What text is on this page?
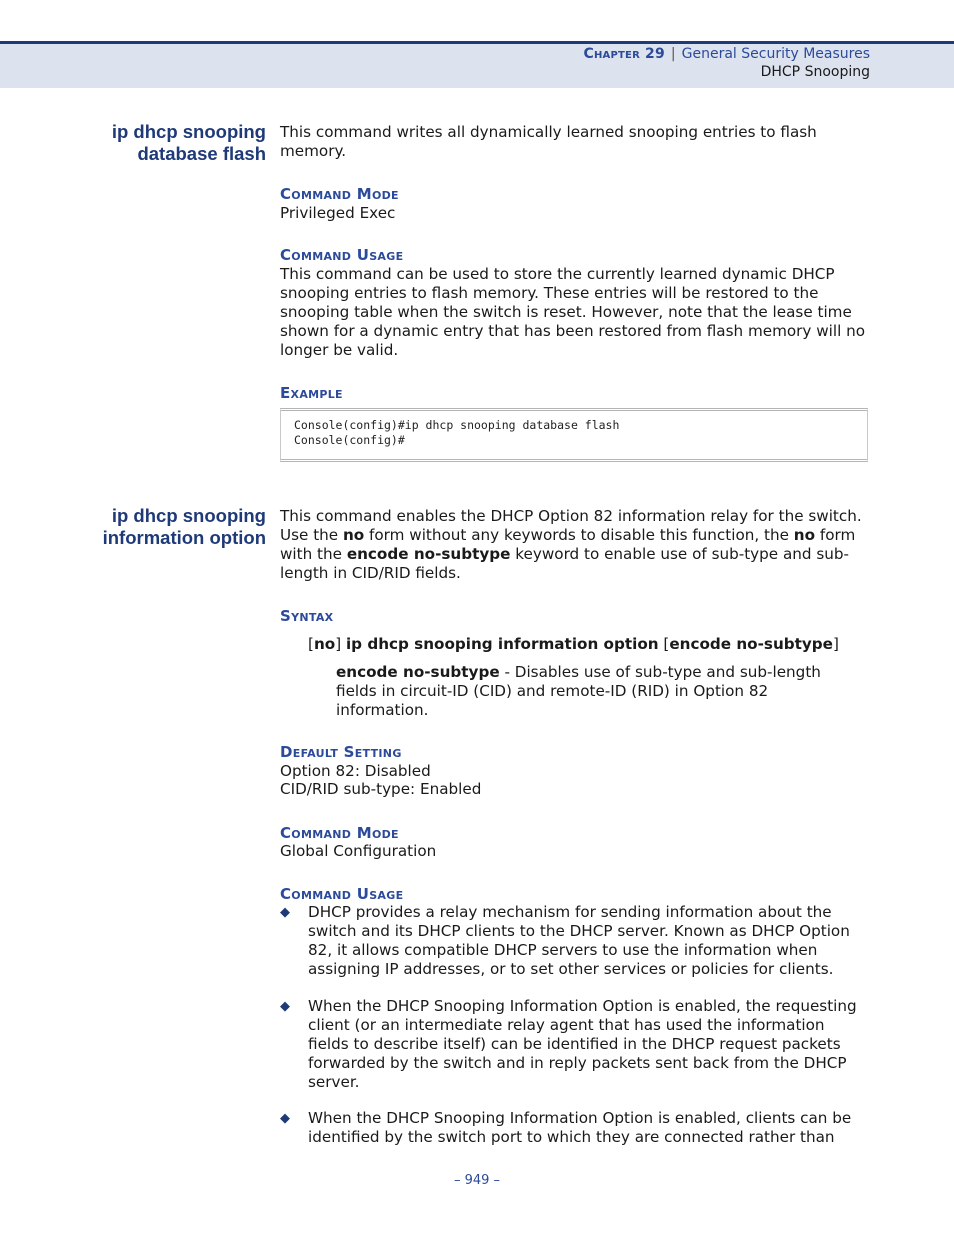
Chapter 29 | General Security Measures
DHCP Snooping
ip dhcp snooping
database flash
This command writes all dynamically learned snooping entries to flash memory.
Command Mode
Privileged Exec
Command Usage
This command can be used to store the currently learned dynamic DHCP snooping entries to flash memory. These entries will be restored to the snooping table when the switch is reset. However, note that the lease time shown for a dynamic entry that has been restored from flash memory will no longer be valid.
Example
Console(config)#ip dhcp snooping database flash
Console(config)#
ip dhcp snooping
information option
This command enables the DHCP Option 82 information relay for the switch. Use the no form without any keywords to disable this function, the no form with the encode no-subtype keyword to enable use of sub-type and sub-length in CID/RID fields.
Syntax
[no] ip dhcp snooping information option [encode no-subtype]
encode no-subtype - Disables use of sub-type and sub-length fields in circuit-ID (CID) and remote-ID (RID) in Option 82 information.
Default Setting
Option 82: Disabled
CID/RID sub-type: Enabled
Command Mode
Global Configuration
Command Usage
◆ DHCP provides a relay mechanism for sending information about the switch and its DHCP clients to the DHCP server. Known as DHCP Option 82, it allows compatible DHCP servers to use the information when assigning IP addresses, or to set other services or policies for clients.
◆ When the DHCP Snooping Information Option is enabled, the requesting client (or an intermediate relay agent that has used the information fields to describe itself) can be identified in the DHCP request packets forwarded by the switch and in reply packets sent back from the DHCP server.
◆ When the DHCP Snooping Information Option is enabled, clients can be identified by the switch port to which they are connected rather than
– 949 –
